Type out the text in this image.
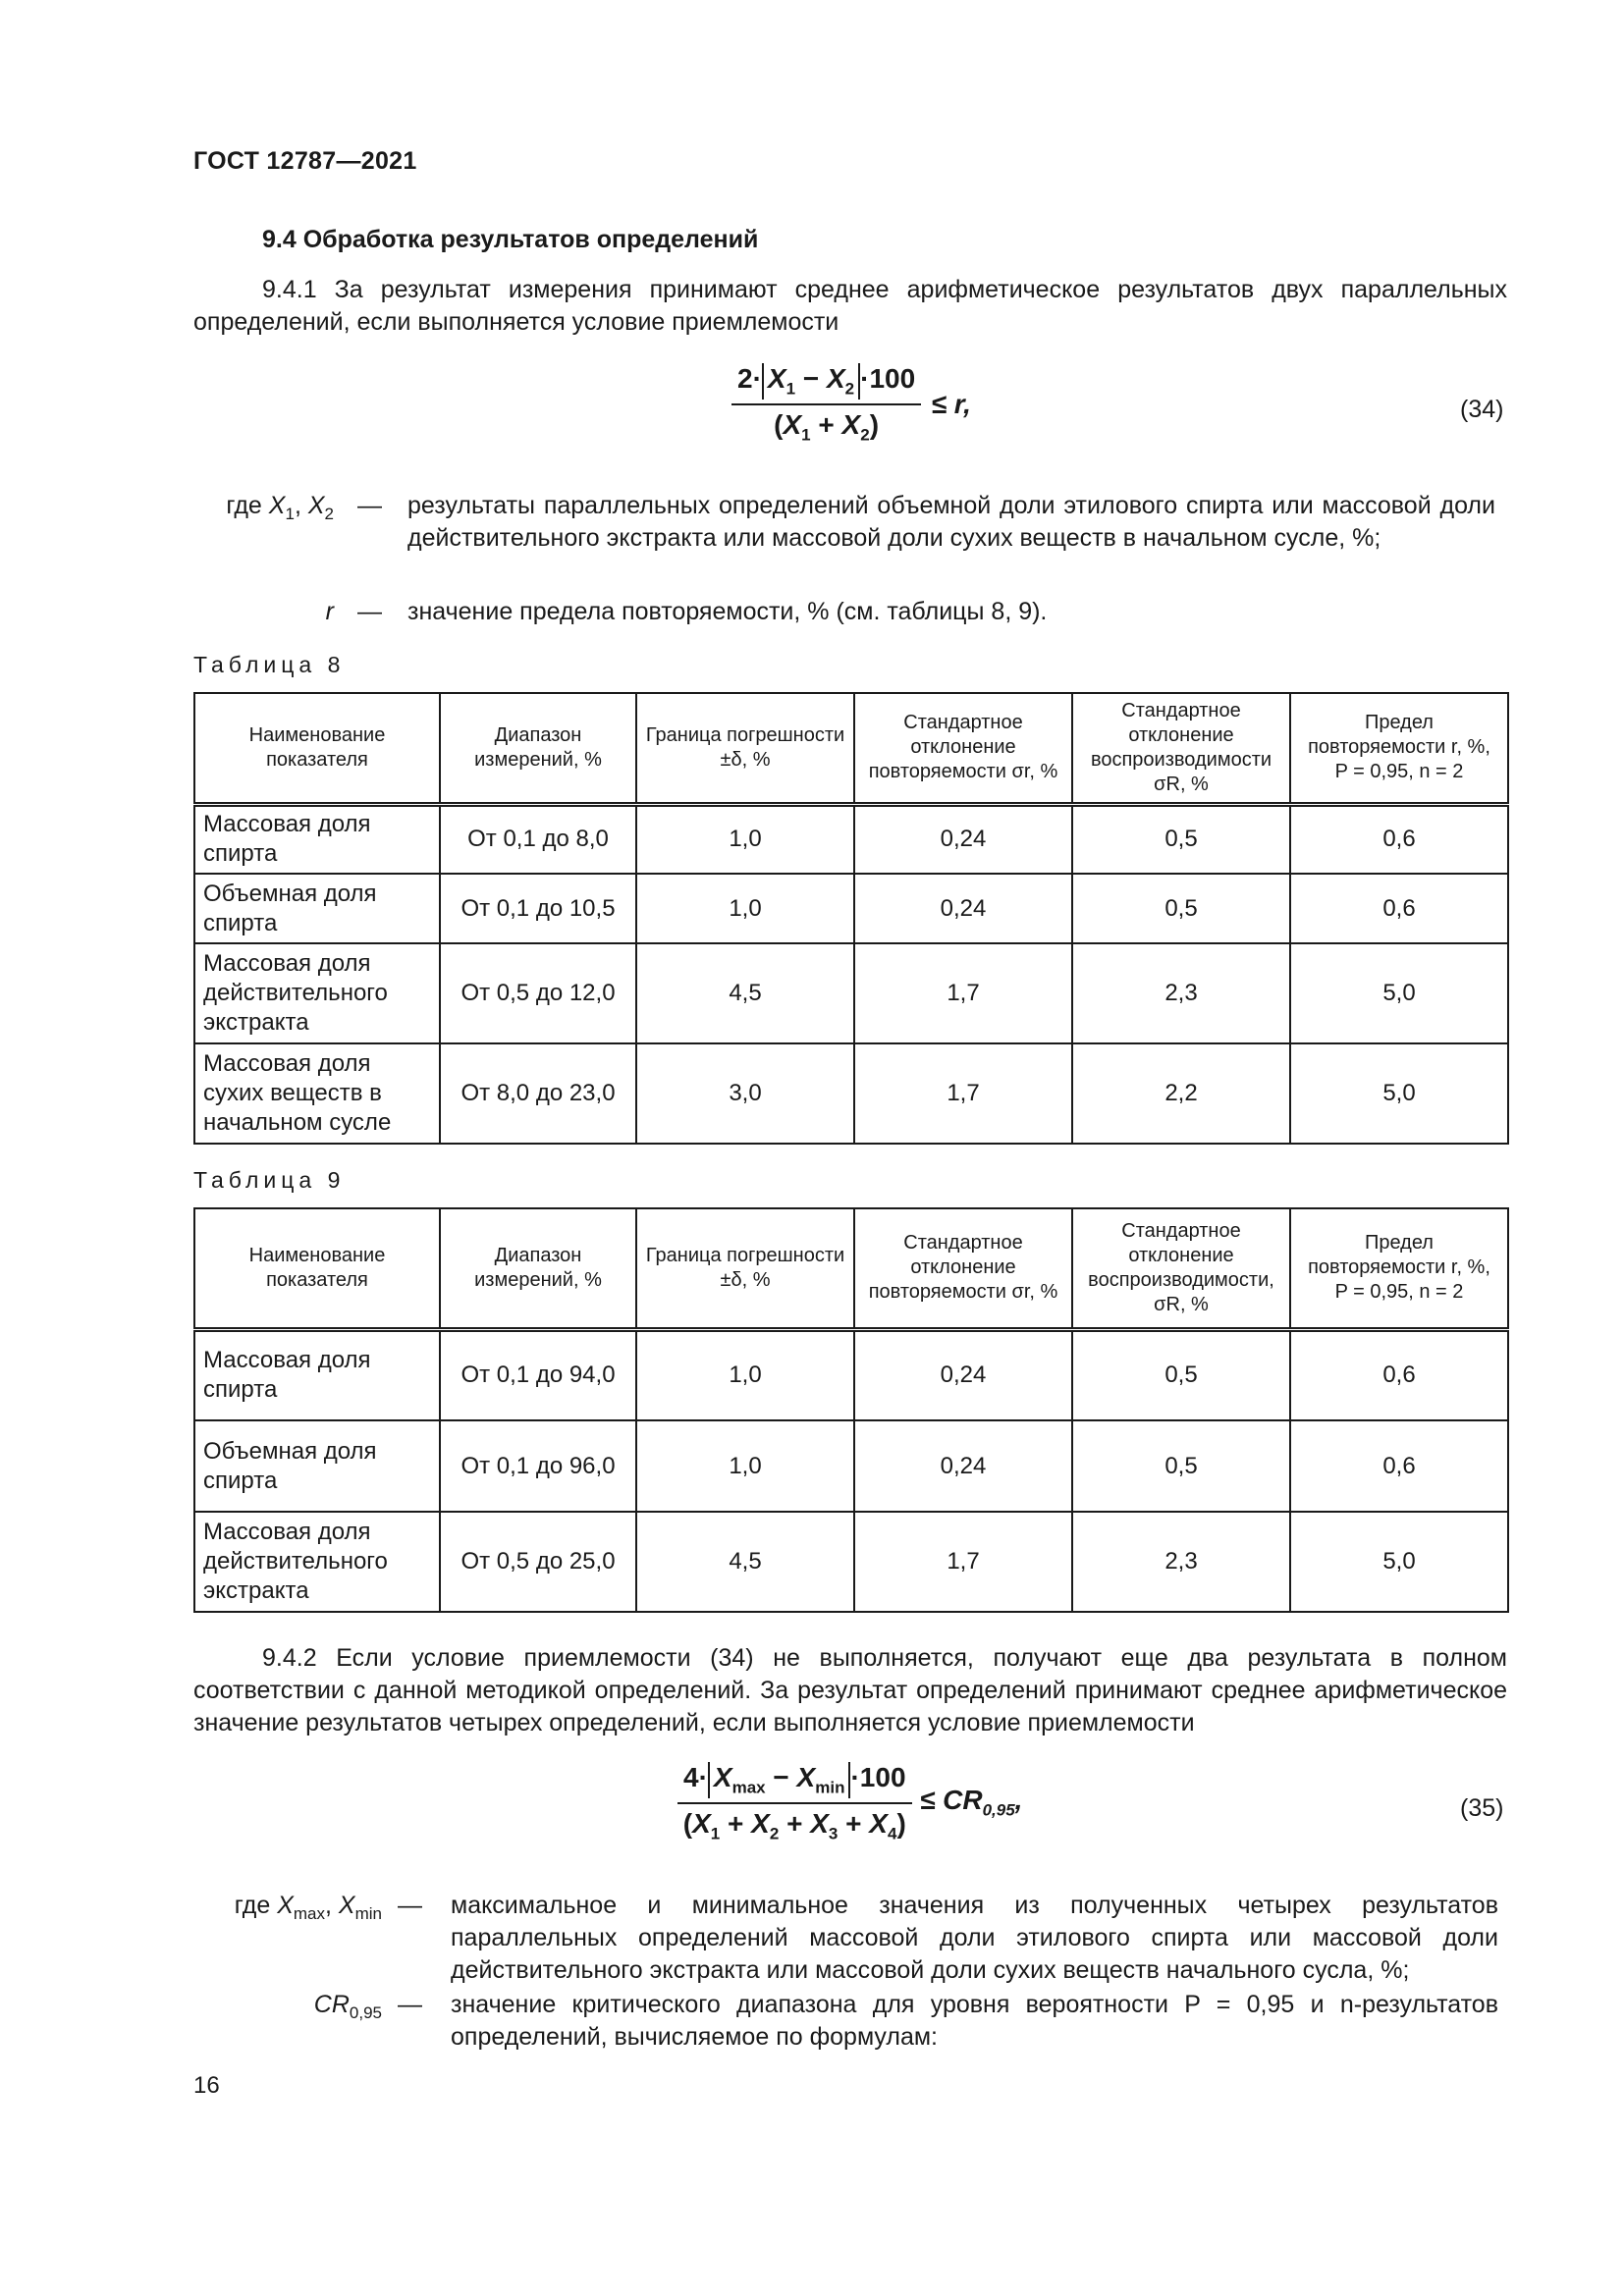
ГОСТ 12787—2021
9.4 Обработка результатов определений
9.4.1 За результат измерения принимают среднее арифметическое результатов двух параллельных определений, если выполняется условие приемлемости
$\frac{2\cdot X_1 - X_2 \cdot 100}{(X_1 + X_2)} \le r$,	(34)
где $X_1$, $X_2$ — результаты параллельных определений объемной доли этилового спирта или массовой доли действительного экстракта или массовой доли сухих веществ в начальном сусле, %;
r — значение предела повторяемости, % (см. таблицы 8, 9).
Таблица 8
Наименование показателя	Диапазон измерений, %	Граница погрешности ±δ, %	Стандартное отклонение повторяемости σr, %	Стандартное отклонение воспроизводимости σR, %	Предел повторяемости r, %, P = 0,95, n = 2
Массовая доля спирта	От 0,1 до 8,0	1,0	0,24	0,5	0,6
Объемная доля спирта	От 0,1 до 10,5	1,0	0,24	0,5	0,6
Массовая доля действительного экстракта	От 0,5 до 12,0	4,5	1,7	2,3	5,0
Массовая доля сухих веществ в начальном сусле	От 8,0 до 23,0	3,0	1,7	2,2	5,0
Таблица 9
Наименование показателя	Диапазон измерений, %	Граница погрешности ±δ, %	Стандартное отклонение повторяемости σr, %	Стандартное отклонение воспроизводимости, σR, %	Предел повторяемости r, %, P = 0,95, n = 2
Массовая доля спирта	От 0,1 до 94,0	1,0	0,24	0,5	0,6
Объемная доля спирта	От 0,1 до 96,0	1,0	0,24	0,5	0,6
Массовая доля действительного экстракта	От 0,5 до 25,0	4,5	1,7	2,3	5,0
9.4.2 Если условие приемлемости (34) не выполняется, получают еще два результата в полном соответствии с данной методикой определений. За результат определений принимают среднее арифметическое значение результатов четырех определений, если выполняется условие приемлемости
$\frac{4\cdot X_{max} - X_{min} \cdot 100}{(X_1 + X_2 + X_3 + X_4)} \le CR_{0,95}$,	(35)
где $X_{max}$, $X_{min}$ — максимальное и минимальное значения из полученных четырех результатов параллельных определений массовой доли этилового спирта или массовой доли действительного экстракта или массовой доли сухих веществ начального сусла, %;
$CR_{0,95}$ — значение критического диапазона для уровня вероятности P = 0,95 и n-результатов определений, вычисляемое по формулам:
16
